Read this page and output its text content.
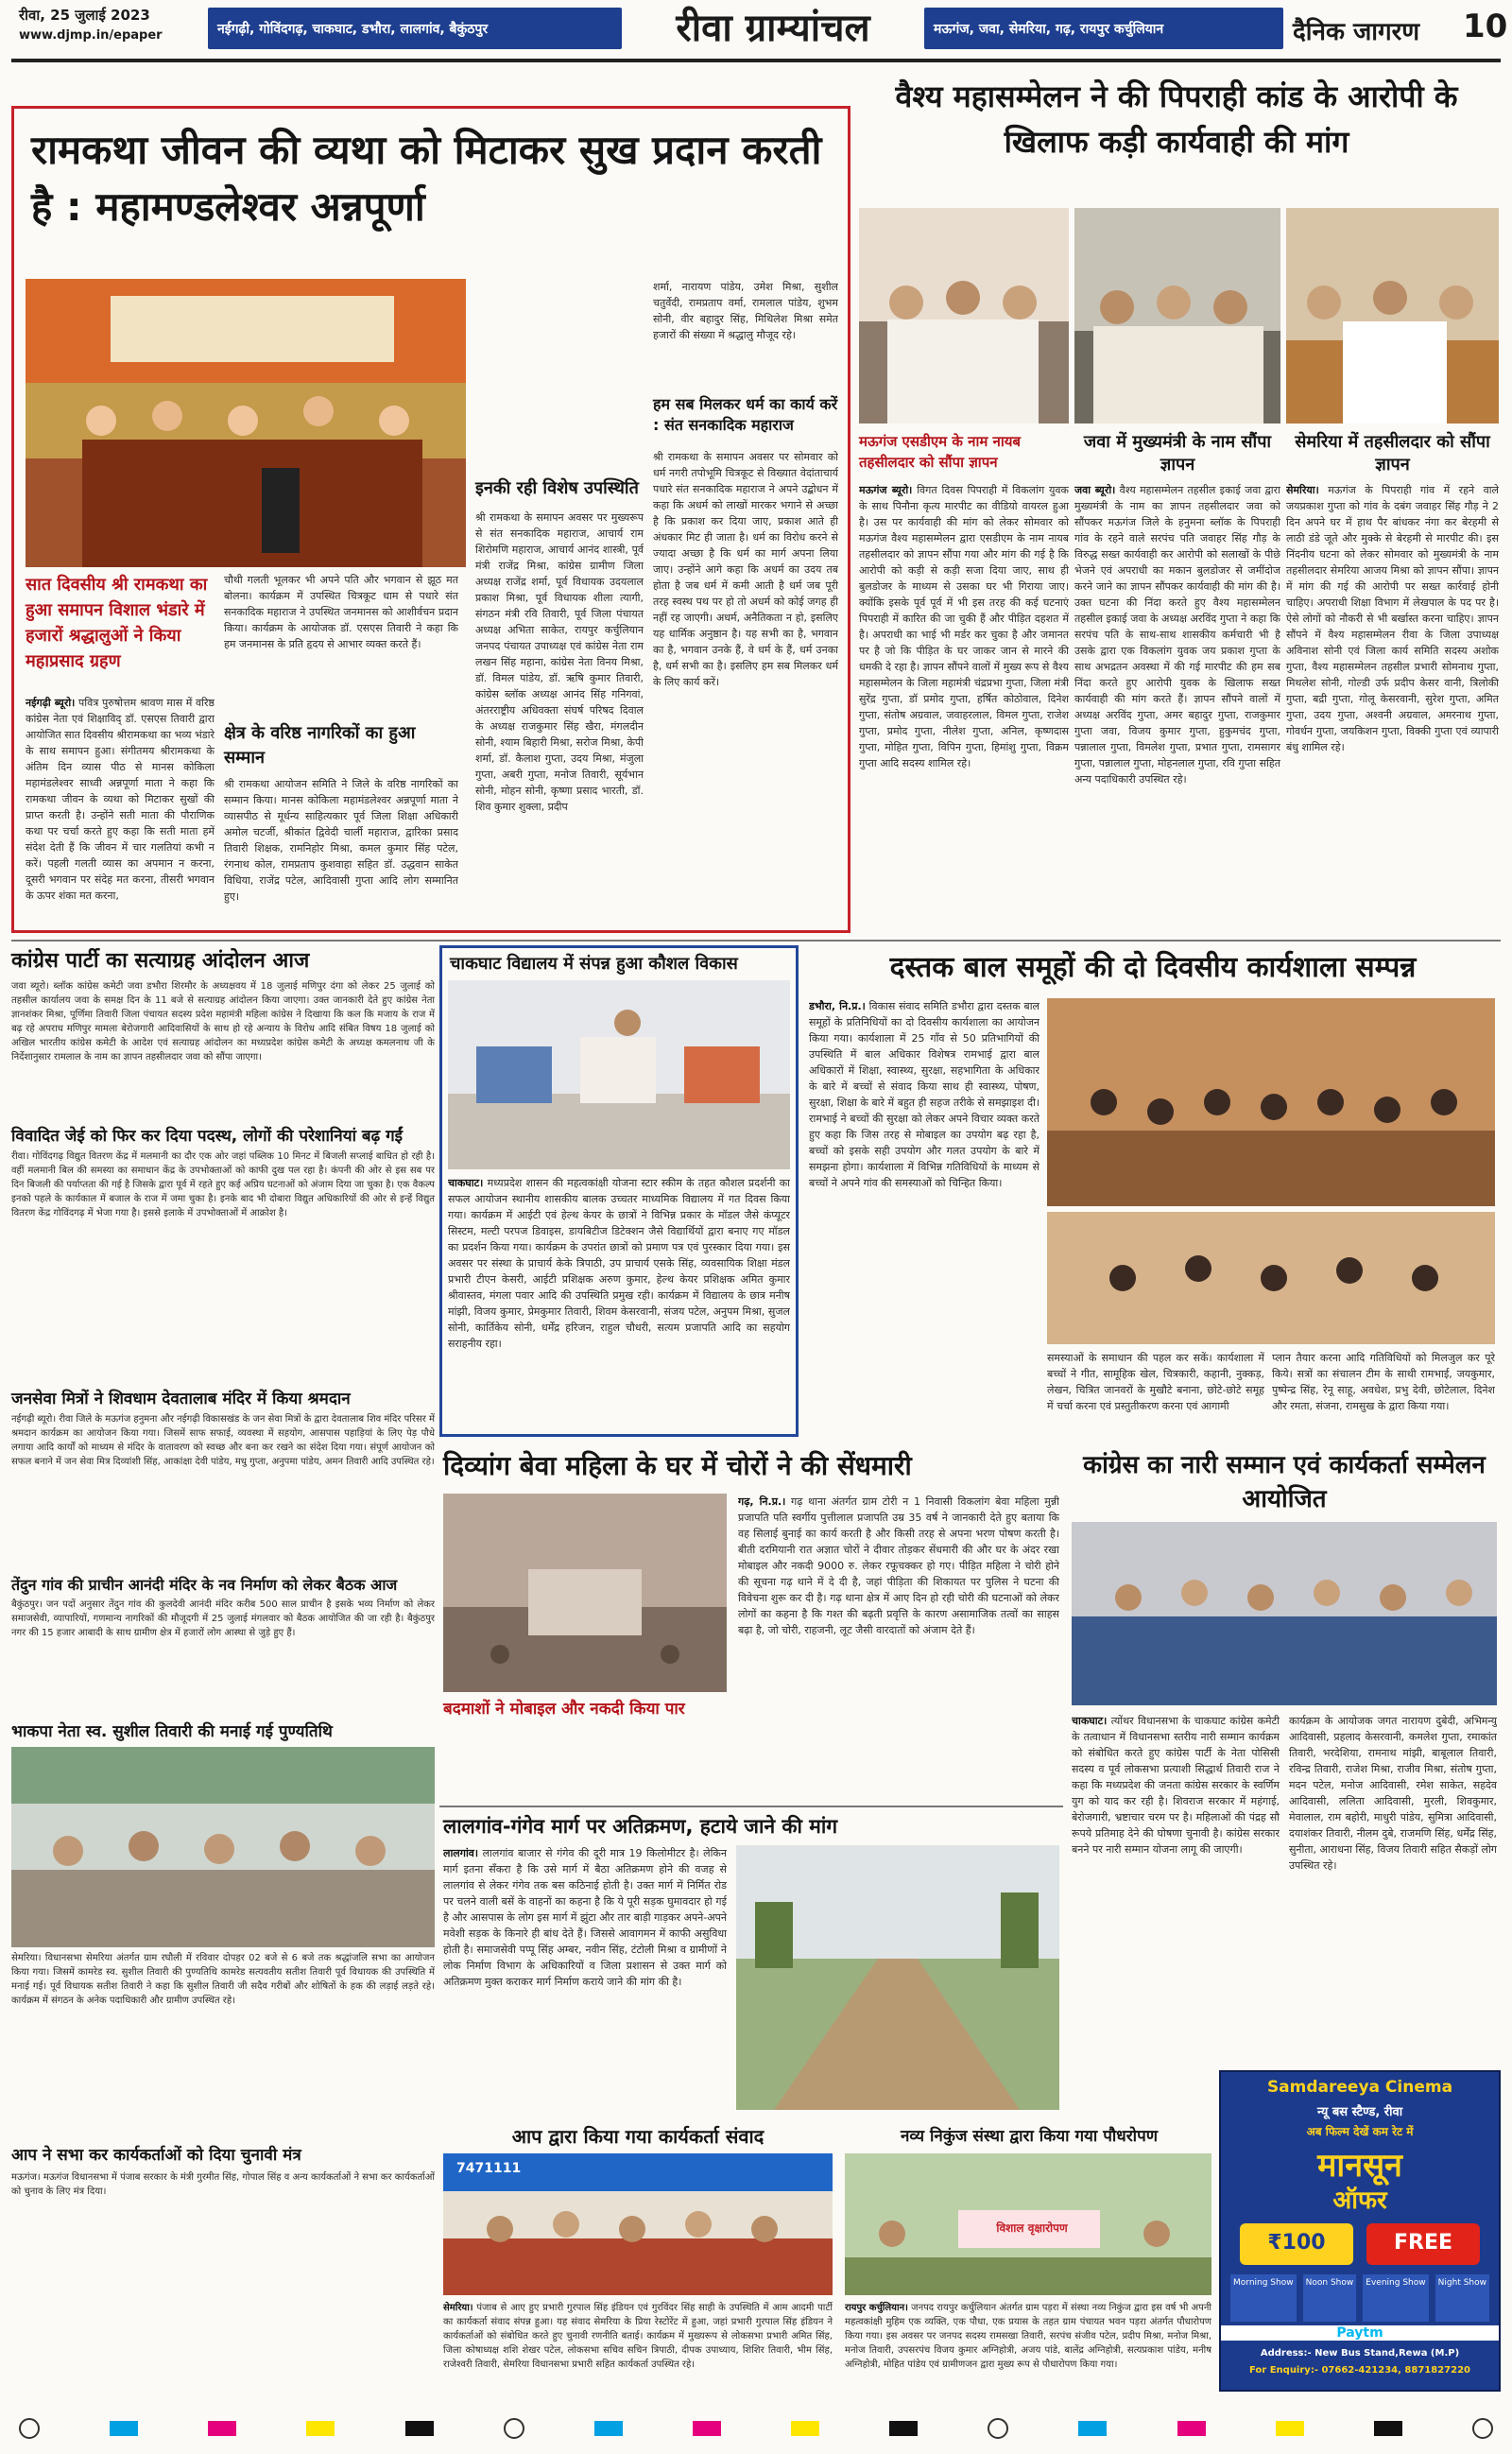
रीवा, 25 जुलाई 2023
www.djmp.in/epaper	नईगढ़ी, गोविंदगढ़, चाकघाट, डभौरा, लालगांव, बैकुंठपुर	रीवा ग्राम्यांचल	मऊगंज, जवा, सेमरिया, गढ़, रायपुर कर्चुलियान	दैनिक जागरण	10
रामकथा जीवन की व्यथा को मिटाकर सुख प्रदान करती है : महामण्डलेश्वर अन्नपूर्णा
सात दिवसीय श्री रामकथा का हुआ समापन विशाल भंडारे में हजारों श्रद्धालुओं ने किया महाप्रसाद ग्रहण
नईगढ़ी ब्यूरो। पवित्र पुरुषोत्तम श्रावण मास में वरिष्ठ कांग्रेस नेता एवं शिक्षाविद् डॉ. एसएस तिवारी द्वारा आयोजित सात दिवसीय श्रीरामकथा का भव्य भंडारे के साथ समापन हुआ। संगीतमय श्रीरामकथा के अंतिम दिन व्यास पीठ से मानस कोकिला महामंडलेश्वर साध्वी अन्नपूर्णा माता ने कहा कि रामकथा जीवन के व्यथा को मिटाकर सुखों की प्राप्त करती है। उन्होंने सती माता की पौराणिक कथा पर चर्चा करते हुए कहा कि सती माता हमें संदेश देती हैं कि जीवन में चार गलतियां कभी न करें। पहली गलती व्यास का अपमान न करना, दूसरी भगवान पर संदेह मत करना, तीसरी भगवान के ऊपर शंका मत करना,
चौथी गलती भूलकर भी अपने पति और भगवान से झूठ मत बोलना। कार्यक्रम में उपस्थित चित्रकूट धाम से पधारे संत सनकादिक महाराज ने उपस्थित जनमानस को आशीर्वचन प्रदान किया। कार्यक्रम के आयोजक डॉ. एसएस तिवारी ने कहा कि हम जनमानस के प्रति हृदय से आभार व्यक्त करते हैं।
क्षेत्र के वरिष्ठ नागरिकों का हुआ सम्मान
श्री रामकथा आयोजन समिति ने जिले के वरिष्ठ नागरिकों का सम्मान किया। मानस कोकिला महामंडलेश्वर अन्नपूर्णा माता ने व्यासपीठ से मूर्धन्य साहित्यकार पूर्व जिला शिक्षा अधिकारी अमोल चटर्जी, श्रीकांत द्विवेदी चार्ली महाराज, द्वारिका प्रसाद तिवारी शिक्षक, रामनिहोर मिश्रा, कमल कुमार सिंह पटेल, रंगनाथ कोल, रामप्रताप कुशवाहा सहित डॉ. उद्धवान साकेत विधिया, राजेंद्र पटेल, आदिवासी गुप्ता आदि लोग सम्मानित हुए।
इनकी रही विशेष उपस्थिति
श्री रामकथा के समापन अवसर पर मुख्यरूप से संत सनकादिक महाराज, आचार्य राम शिरोमणि महाराज, आचार्य आनंद शास्त्री, पूर्व मंत्री राजेंद्र मिश्रा, कांग्रेस ग्रामीण जिला अध्यक्ष राजेंद्र शर्मा, पूर्व विधायक उदयलाल प्रकाश मिश्रा, पूर्व विधायक शीला त्यागी, संगठन मंत्री रवि तिवारी, पूर्व जिला पंचायत अध्यक्ष अभिता साकेत, रायपुर कर्चुलियान जनपद पंचायत उपाध्यक्ष एवं कांग्रेस नेता राम लखन सिंह महाना, कांग्रेस नेता विनय मिश्रा, डॉ. विमल पांडेय, डॉ. ऋषि कुमार तिवारी, कांग्रेस ब्लॉक अध्यक्ष आनंद सिंह गनिगवां, अंतरराष्ट्रीय अधिवक्ता संघर्ष परिषद दिवाल के अध्यक्ष राजकुमार सिंह खैरा, मंगलदीन सोनी, श्याम बिहारी मिश्रा, सरोज मिश्रा, केपी शर्मा, डॉ. कैलाश गुप्ता, उदय मिश्रा, मंजुला गुप्ता, अबरी गुप्ता, मनोज तिवारी, सूर्यभान सोनी, मोहन सोनी, कृष्णा प्रसाद भारती, डॉ. शिव कुमार शुक्ला, प्रदीप
शर्मा, नारायण पांडेय, उमेश मिश्रा, सुशील चतुर्वेदी, रामप्रताप वर्मा, रामलाल पांडेय, शुभम सोनी, वीर बहादुर सिंह, मिथिलेश मिश्रा समेत हजारों की संख्या में श्रद्धालु मौजूद रहे।
हम सब मिलकर धर्म का कार्य करें : संत सनकादिक महाराज
श्री रामकथा के समापन अवसर पर सोमवार को धर्म नगरी तपोभूमि चित्रकूट से विख्यात वेदांताचार्य पधारे संत सनकादिक महाराज ने अपने उद्बोधन में कहा कि अधर्म को लाखों मारकर भगाने से अच्छा है कि प्रकाश कर दिया जाए, प्रकाश आते ही अंधकार मिट ही जाता है। धर्म का विरोध करने से ज्यादा अच्छा है कि धर्म का मार्ग अपना लिया जाए। उन्होंने आगे कहा कि अधर्म का उदय तब होता है जब धर्म में कमी आती है धर्म जब पूरी तरह स्वस्थ पथ पर हो तो अधर्म को कोई जगह ही नहीं रह जाएगी। अधर्म, अनैतिकता न हो, इसलिए यह धार्मिक अनुष्ठान है। यह सभी का है, भगवान का है, भगवान उनके हैं, वे धर्म के हैं, धर्म उनका है, धर्म सभी का है। इसलिए हम सब मिलकर धर्म के लिए कार्य करें।
वैश्य महासम्मेलन ने की पिपराही कांड के आरोपी के खिलाफ कड़ी कार्यवाही की मांग
मऊगंज एसडीएम के नाम नायब तहसीलदार को सौंपा ज्ञापन
जवा में मुख्यमंत्री के नाम सौंपा ज्ञापन
सेमरिया में तहसीलदार को सौंपा ज्ञापन
मऊगंज ब्यूरो। विगत दिवस पिपराही में विकलांग युवक के साथ पिनौना कृत्य मारपीट का वीडियो वायरल हुआ है। उस पर कार्यवाही की मांग को लेकर सोमवार को मऊगंज वैश्य महासम्मेलन द्वारा एसडीएम के नाम नायब तहसीलदार को ज्ञापन सौंपा गया और मांग की गई है कि आरोपी को कड़ी से कड़ी सजा दिया जाए, साथ ही बुलडोजर के माध्यम से उसका घर भी गिराया जाए। क्योंकि इसके पूर्व पूर्व में भी इस तरह की कई घटनाएं पिपराही में कारित की जा चुकी हैं और पीड़ित दहशत में है। अपराधी का भाई भी मर्डर कर चुका है और जमानत पर है जो कि पीड़ित के घर जाकर जान से मारने की धमकी दे रहा है। ज्ञापन सौंपने वालों में मुख्य रूप से वैश्य महासम्मेलन के जिला महामंत्री चंद्रप्रभा गुप्ता, जिला मंत्री सुरेंद्र गुप्ता, डॉ प्रमोद गुप्ता, हर्षित कोठोवाल, दिनेश गुप्ता, संतोष अग्रवाल, जवाहरलाल, विमल गुप्ता, राजेश गुप्ता, प्रमोद गुप्ता, नीलेश गुप्ता, अनिल, कृष्णदास गुप्ता, मोहित गुप्ता, विपिन गुप्ता, हिमांशु गुप्ता, विक्रम गुप्ता आदि सदस्य शामिल रहे।
जवा ब्यूरो। वैश्य महासम्मेलन तहसील इकाई जवा द्वारा मुख्यमंत्री के नाम का ज्ञापन तहसीलदार जवा को सौंपकर मऊगंज जिले के हनुमना ब्लॉक के पिपराही गांव के रहने वाले सरपंच पति जवाहर सिंह गौड़ के विरुद्ध सख्त कार्यवाही कर आरोपी को सलाखों के पीछे भेजने एवं अपराधी का मकान बुलडोजर से जमींदोज करने जाने का ज्ञापन सौंपकर कार्यवाही की मांग की है। उक्त घटना की निंदा करते हुए वैश्य महासम्मेलन तहसील इकाई जवा के अध्यक्ष अरविंद गुप्ता ने कहा कि सरपंच पति के साथ-साथ शासकीय कर्मचारी भी है उसके द्वारा एक विकलांग युवक जय प्रकाश गुप्ता के साथ अभद्रतन अवस्था में की गई मारपीट की हम सब निंदा करते हुए आरोपी युवक के खिलाफ सख्त कार्यवाही की मांग करते हैं। ज्ञापन सौंपने वालों में अध्यक्ष अरविंद गुप्ता, अमर बहादुर गुप्ता, राजकुमार गुप्ता जवा, विजय कुमार गुप्ता, हुकुमचंद गुप्ता, पन्नालाल गुप्ता, विमलेश गुप्ता, प्रभात गुप्ता, रामसागर गुप्ता, पन्नालाल गुप्ता, मोहनलाल गुप्ता, रवि गुप्ता सहित अन्य पदाधिकारी उपस्थित रहे।
सेमरिया। मऊगंज के पिपराही गांव में रहने वाले जयप्रकाश गुप्ता को गांव के दबंग जवाहर सिंह गौड़ ने 2 दिन अपने घर में हाथ पैर बांधकर नंगा कर बेरहमी से लाठी डंडे जूते और मुक्के से बेरहमी से मारपीट की। इस निंदनीय घटना को लेकर सोमवार को मुख्यमंत्री के नाम तहसीलदार सेमरिया आजय मिश्रा को ज्ञापन सौंपा। ज्ञापन में मांग की गई की आरोपी पर सख्त कार्रवाई होनी चाहिए। अपराधी शिक्षा विभाग में लेखपाल के पद पर है। ऐसे लोगों को नौकरी से भी बर्खास्त करना चाहिए। ज्ञापन सौंपने में वैश्य महासम्मेलन रीवा के जिला उपाध्यक्ष अविनाश सोनी एवं जिला कार्य समिति सदस्य अशोक गुप्ता, वैश्य महासम्मेलन तहसील प्रभारी सोमनाथ गुप्ता, मिथलेश सोनी, गोल्डी उर्फ प्रदीप केसर वानी, त्रिलोकी गुप्ता, बद्री गुप्ता, गोलू केसरवानी, सुरेश गुप्ता, अमित गुप्ता, उदय गुप्ता, अश्वनी अग्रवाल, अमरनाथ गुप्ता, गोवर्धन गुप्ता, जयकिशन गुप्ता, विक्की गुप्ता एवं व्यापारी बंधु शामिल रहे।
कांग्रेस पार्टी का सत्याग्रह आंदोलन आज
जवा ब्यूरो। ब्लॉक कांग्रेस कमेटी जवा डभौरा शिरमौर के अध्यक्षवय में 18 जुलाई मणिपुर दंगा को लेकर 25 जुलाई को तहसील कार्यालय जवा के समक्ष दिन के 11 बजे से सत्याग्रह आंदोलन किया जाएगा। उक्त जानकारी देते हुए कांग्रेस नेता ज्ञानशंकर मिश्रा, पूर्णिमा तिवारी जिला पंचायत सदस्य प्रदेश महामंत्री महिला कांग्रेस ने दिखाया कि कल कि मजाय के राज में बढ़ रहे अपराध मणिपुर मामला बेरोजगारी आदिवासियों के साथ हो रहे अन्याय के विरोध आदि संबित विषय 18 जुलाई को अखिल भारतीय कांग्रेस कमेटी के आदेश एवं सत्याग्रह आंदोलन का मध्यप्रदेश कांग्रेस कमेटी के अध्यक्ष कमलनाथ जी के निर्देशानुसार रामलाल के नाम का ज्ञापन तहसीलदार जवा को सौंपा जाएगा।
विवादित जेई को फिर कर दिया पदस्थ, लोगों की परेशानियां बढ़ गईं
रीवा। गोविंदगढ़ विद्युत वितरण केंद्र में मलमानी का दौर एक ओर जहां पब्लिक 10 मिनट में बिजली सप्लाई बाधित हो रही है। वहीं मलमानी बिल की समस्या का समाधान केंद्र के उपभोक्ताओं को काफी दुख पल रहा है। कंपनी की ओर से इस सब पर दिन बिजली की पर्याप्तता की गई है जिसके द्वारा पूर्व में रहते हुए कई अप्रिय घटनाओं को अंजाम दिया जा चुका है। एक वैकल्प इनको पहले के कार्यकाल में बजाल के राज में जमा चुका है। इनके बाद भी दोबारा विद्युत अधिकारियों की ओर से इन्हें विद्युत वितरण केंद्र गोविंदगढ़ में भेजा गया है। इससे इलाके में उपभोक्ताओं में आक्रोश है।
जनसेवा मित्रों ने शिवधाम देवतालाब मंदिर में किया श्रमदान
नईगढ़ी ब्यूरो। रीवा जिले के मऊगंज हनुमना और नईगढ़ी विकासखंड के जन सेवा मित्रों के द्वारा देवतालाब शिव मंदिर परिसर में श्रमदान कार्यक्रम का आयोजन किया गया। जिसमें साफ सफाई, व्यवस्था में सहयोग, आसपास पहाड़ियां के लिए पेड़ पौधे लगाया आदि कार्यों को माध्यम से मंदिर के वातावरण को स्वच्छ और बना कर रखने का संदेश दिया गया। संपूर्ण आयोजन को सफल बनाने में जन सेवा मित्र दिव्यांशी सिंह, आकांक्षा देवी पांडेय, मधु गुप्ता, अनुपमा पांडेय, अमन तिवारी आदि उपस्थित रहे।
तेंदुन गांव की प्राचीन आनंदी मंदिर के नव निर्माण को लेकर बैठक आज
बैकुंठपुर। जन पदों अनुसार तेंदुन गांव की कुलदेवी आनंदी मंदिर करीब 500 साल प्राचीन है इसके भव्य निर्माण को लेकर समाजसेवी, व्यापारियों, गणमान्य नागरिकों की मौजूदगी में 25 जुलाई मंगलवार को बैठक आयोजित की जा रही है। बैकुंठपुर नगर की 15 हजार आबादी के साथ ग्रामीण क्षेत्र में हजारों लोग आस्था से जुड़े हुए हैं।
भाकपा नेता स्व. सुशील तिवारी की मनाई गई पुण्यतिथि
सेमरिया। विधानसभा सेमरिया अंतर्गत ग्राम रघौली में रविवार दोपहर 02 बजे से 6 बजे तक श्रद्धांजलि सभा का आयोजन किया गया। जिसमें कामरेड स्व. सुशील तिवारी की पुण्यतिथि कामरेड सत्यवतीय सतीश तिवारी पूर्व विधायक की उपस्थिति में मनाई गई। पूर्व विधायक सतीश तिवारी ने कहा कि सुशील तिवारी जी सदैव गरीबों और शोषितों के हक की लड़ाई लड़ते रहे। कार्यक्रम में संगठन के अनेक पदाधिकारी और ग्रामीण उपस्थित रहे।
आप ने सभा कर कार्यकर्ताओं को दिया चुनावी मंत्र
मऊगंज। मऊगंज विधानसभा में पंजाब सरकार के मंत्री गुरमीत सिंह, गोपाल सिंह व अन्य कार्यकर्ताओं ने सभा कर कार्यकर्ताओं को चुनाव के लिए मंत्र दिया।
चाकघाट विद्यालय में संपन्न हुआ कौशल विकास
चाकघाट। मध्यप्रदेश शासन की महत्वकांक्षी योजना स्टार स्कीम के तहत कौशल प्रदर्शनी का सफल आयोजन स्थानीय शासकीय बालक उच्चतर माध्यमिक विद्यालय में गत दिवस किया गया। कार्यक्रम में आईटी एवं हेल्थ केयर के छात्रों ने विभिन्न प्रकार के मॉडल जैसे कंप्यूटर सिस्टम, मल्टी परपज डिवाइस, डायबिटीज डिटेक्शन जैसे विद्यार्थियों द्वारा बनाए गए मॉडल का प्रदर्शन किया गया। कार्यक्रम के उपरांत छात्रों को प्रमाण पत्र एवं पुरस्कार दिया गया। इस अवसर पर संस्था के प्राचार्य केके त्रिपाठी, उप प्राचार्य एसके सिंह, व्यवसायिक शिक्षा मंडल प्रभारी टीएन केसरी, आईटी प्रशिक्षक अरुण कुमार, हेल्थ केयर प्रशिक्षक अमित कुमार श्रीवास्तव, मंगला पवार आदि की उपस्थिति प्रमुख रही। कार्यक्रम में विद्यालय के छात्र मनीष मांझी, विजय कुमार, प्रेमकुमार तिवारी, शिवम केसरवानी, संजय पटेल, अनुपम मिश्रा, सुजल सोनी, कार्तिकेय सोनी, धर्मेंद्र हरिजन, राहुल चौधरी, सत्यम प्रजापति आदि का सहयोग सराहनीय रहा।
दस्तक बाल समूहों की दो दिवसीय कार्यशाला सम्पन्न
डभौरा, नि.प्र.। विकास संवाद समिति डभौरा द्वारा दस्तक बाल समूहों के प्रतिनिधियों का दो दिवसीय कार्यशाला का आयोजन किया गया। कार्यशाला में 25 गाँव से 50 प्रतिभागियों की उपस्थिति में बाल अधिकार विशेषत्र रामभाई द्वारा बाल अधिकारों में शिक्षा, स्वास्थ्य, सुरक्षा, सहभागिता के अधिकार के बारे में बच्चों से संवाद किया साथ ही स्वास्थ्य, पोषण, सुरक्षा, शिक्षा के बारे में बहुत ही सहज तरीके से समझाइश दी। रामभाई ने बच्चों की सुरक्षा को लेकर अपने विचार व्यक्त करते हुए कहा कि जिस तरह से मोबाइल का उपयोग बढ़ रहा है, बच्चों को इसके सही उपयोग और गलत उपयोग के बारे में समझना होगा। कार्यशाला में विभिन्न गतिविधियों के माध्यम से बच्चों ने अपने गांव की समस्याओं को चिन्हित किया।
समस्याओं के समाधान की पहल कर सकें। कार्यशाला में बच्चों ने गीत, सामूहिक खेल, चित्रकारी, कहानी, नुक्कड़, लेखन, चित्रित जानवरों के मुखौटे बनाना, छोटे-छोटे समूह में चर्चा करना एवं प्रस्तुतीकरण करना एवं आगामी
प्लान तैयार करना आदि गतिविधियों को मिलजुल कर पूरे किये। सत्रों का संचालन टीम के साथी रामभाई, जयकुमार, पुष्पेन्द्र सिंह, रेनू साहू, अवधेश, प्रभु देवी, छोटेलाल, दिनेश और रमता, संजना, रामसुख के द्वारा किया गया।
दिव्यांग बेवा महिला के घर में चोरों ने की सेंधमारी
बदमाशों ने मोबाइल और नकदी किया पार
गढ़, नि.प्र.। गढ़ थाना अंतर्गत ग्राम टोरी न 1 निवासी विकलांग बेवा महिला मुन्नी प्रजापति पति स्वर्गीय पुत्तीलाल प्रजापति उम्र 35 वर्ष ने जानकारी देते हुए बताया कि वह सिलाई बुनाई का कार्य करती है और किसी तरह से अपना भरण पोषण करती है। बीती दरमियानी रात अज्ञात चोरों ने दीवार तोड़कर सेंधमारी की और घर के अंदर रखा मोबाइल और नकदी 9000 रु. लेकर रफूचक्कर हो गए। पीड़ित महिला ने चोरी होने की सूचना गढ़ थाने में दे दी है, जहां पीड़िता की शिकायत पर पुलिस ने घटना की विवेचना शुरू कर दी है। गढ़ थाना क्षेत्र में आए दिन हो रही चोरी की घटनाओं को लेकर लोगों का कहना है कि गश्त की बढ़ती प्रवृत्ति के कारण असामाजिक तत्वों का साहस बढ़ा है, जो चोरी, राहजनी, लूट जैसी वारदातों को अंजाम देते हैं।
लालगांव-गंगेव मार्ग पर अतिक्रमण, हटाये जाने की मांग
लालगांव। लालगांव बाजार से गंगेव की दूरी मात्र 19 किलोमीटर है। लेकिन मार्ग इतना सँकरा है कि उसे मार्ग में बैठा अतिक्रमण होने की वजह से लालगांव से लेकर गंगेव तक बस कठिनाई होती है। उक्त मार्ग में निर्मित रोड पर चलने वाली बसें के वाहनों का कहना है कि ये पूरी सड़क घुमावदार हो गई है और आसपास के लोग इस मार्ग में झुंटा और तार बाड़ी गाड़कर अपने-अपने मवेशी सड़क के किनारे ही बांध देते हैं। जिससे आवागमन में काफी असुविधा होती है। समाजसेवी पप्पू सिंह अम्बर, नवीन सिंह, टंटोली मिश्रा व ग्रामीणों ने लोक निर्माण विभाग के अधिकारियों व जिला प्रशासन से उक्त मार्ग को अतिक्रमण मुक्त कराकर मार्ग निर्माण कराये जाने की मांग की है।
कांग्रेस का नारी सम्मान एवं कार्यकर्ता सम्मेलन आयोजित
चाकघाट। त्योंथर विधानसभा के चाकघाट कांग्रेस कमेटी के तत्वाधान में विधानसभा स्तरीय नारी सम्मान कार्यक्रम को संबोधित करते हुए कांग्रेस पार्टी के नेता पोसिसी सदस्य व पूर्व लोकसभा प्रत्याशी सिद्धार्थ तिवारी राज ने कहा कि मध्यप्रदेश की जनता कांग्रेस सरकार के स्वर्णिम युग को याद कर रही है। शिवराज सरकार में महंगाई, बेरोजगारी, भ्रष्टाचार चरम पर है। महिलाओं की पंद्रह सौ रूपये प्रतिमाह देने की घोषणा चुनावी है। कांग्रेस सरकार बनने पर नारी सम्मान योजना लागू की जाएगी।
कार्यक्रम के आयोजक जगत नारायण दुबेदी, अभिमन्यु आदिवासी, प्रहलाद केसरवानी, कमलेश गुप्ता, रमाकांत तिवारी, भरदेशिया, रामनाथ मांझी, बाबूलाल तिवारी, रविन्द्र तिवारी, राजेश मिश्रा, राजीव मिश्रा, संतोष गुप्ता, मदन पटेल, मनोज आदिवासी, रमेश साकेत, सहदेव आदिवासी, ललिता आदिवासी, मुरली, शिवकुमार, मेवालाल, राम बहोरी, माधुरी पांडेय, सुमित्रा आदिवासी, दयाशंकर तिवारी, नीलम दुबे, राजमणि सिंह, धर्मेंद्र सिंह, सुनीता, आराधना सिंह, विजय तिवारी सहित सैकड़ों लोग उपस्थित रहे।
Samdareeya Cinema
न्यू बस स्टैण्ड, रीवा
अब फिल्म देखें कम रेट में
मानसून
ऑफर
₹100	FREE
Morning Show	Noon Show	Evening Show	Night Show
Paytm
Address:- New Bus Stand,Rewa (M.P)
For Enquiry:- 07662-421234, 8871827220
आप द्वारा किया गया कार्यकर्ता संवाद
7471111
सेमरिया। पंजाब से आए हुए प्रभारी गुरपाल सिंह इंडियन एवं गुरविंदर सिंह साही के उपस्थिति में आम आदमी पार्टी का कार्यकर्ता संवाद संपन्न हुआ। यह संवाद सेमरिया के प्रिया रेस्टोरेंट में हुआ, जहां प्रभारी गुरपाल सिंह इंडियन ने कार्यकर्ताओं को संबोधित करते हुए चुनावी रणनीति बताई। कार्यक्रम में मुख्यरूप से लोकसभा प्रभारी अमित सिंह, जिला कोषाध्यक्ष शशि शेखर पटेल, लोकसभा सचिव सचिन त्रिपाठी, दीपक उपाध्याय, शिशिर तिवारी, भीम सिंह, राजेश्वरी तिवारी, सेमरिया विधानसभा प्रभारी सहित कार्यकर्ता उपस्थित रहे।
नव्य निकुंज संस्था द्वारा किया गया पौधरोपण
विशाल वृक्षारोपण
रायपुर कर्चुलियान। जनपद रायपुर कर्चुलियान अंतर्गत ग्राम पड़रा में संस्था नव्य निकुंज द्वारा इस वर्ष भी अपनी महत्वकांक्षी मुहिम एक व्यक्ति, एक पौधा, एक प्रयास के तहत ग्राम पंचायत भवन पड़रा अंतर्गत पौधारोपण किया गया। इस अवसर पर जनपद सदस्य रामसखा तिवारी, सरपंच संजीव पटेल, प्रदीप मिश्रा, मनोज मिश्रा, मनोज तिवारी, उपसरपंच विजय कुमार अग्निहोत्री, अजय पांडे, बालेंद्र अग्निहोत्री, सत्यप्रकाश पांडेय, मनीष अग्निहोत्री, मोहित पांडेय एवं ग्रामीणजन द्वारा मुख्य रूप से पौधारोपण किया गया।
